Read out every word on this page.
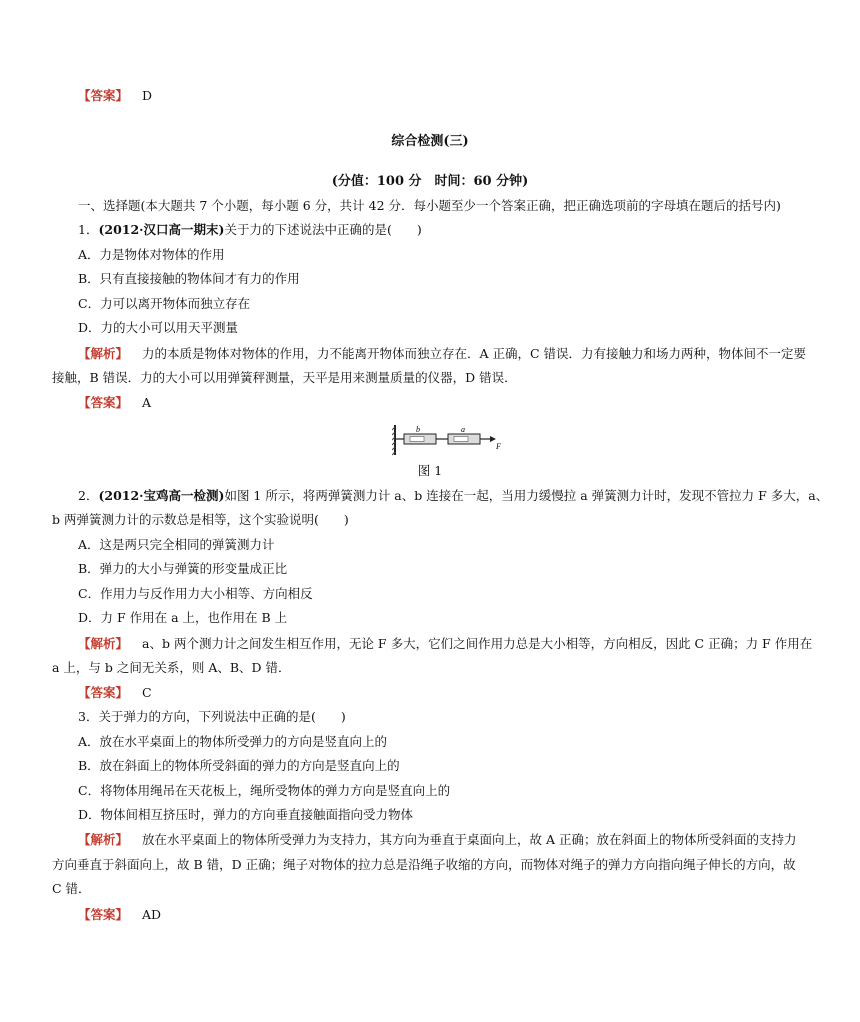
【答案】 D
综合检测(三)
(分值：100 分　时间：60 分钟)
一、选择题(本大题共 7 个小题，每小题 6 分，共计 42 分．每小题至少一个答案正确，把正确选项前的字母填在题后的括号内)
1．(2012·汉口高一期末)关于力的下述说法中正确的是(　　)
A．力是物体对物体的作用
B．只有直接接触的物体间才有力的作用
C．力可以离开物体而独立存在
D．力的大小可以用天平测量
【解析】 力的本质是物体对物体的作用，力不能离开物体而独立存在．A 正确，C 错误．力有接触力和场力两种，物体间不一定要
接触，B 错误．力的大小可以用弹簧秤测量，天平是用来测量质量的仪器，D 错误．
【答案】 A
b	a
F
图 1
2．(2012·宝鸡高一检测)如图 1 所示，将两弹簧测力计 a、b 连接在一起，当用力缓慢拉 a 弹簧测力计时，发现不管拉力 F 多大，a、
b 两弹簧测力计的示数总是相等，这个实验说明(　　)
A．这是两只完全相同的弹簧测力计
B．弹力的大小与弹簧的形变量成正比
C．作用力与反作用力大小相等、方向相反
D．力 F 作用在 a 上，也作用在 B 上
【解析】 a、b 两个测力计之间发生相互作用，无论 F 多大，它们之间作用力总是大小相等，方向相反，因此 C 正确；力 F 作用在
a 上，与 b 之间无关系，则 A、B、D 错．
【答案】 C
3．关于弹力的方向，下列说法中正确的是(　　)
A．放在水平桌面上的物体所受弹力的方向是竖直向上的
B．放在斜面上的物体所受斜面的弹力的方向是竖直向上的
C．将物体用绳吊在天花板上，绳所受物体的弹力方向是竖直向上的
D．物体间相互挤压时，弹力的方向垂直接触面指向受力物体
【解析】 放在水平桌面上的物体所受弹力为支持力，其方向为垂直于桌面向上，故 A 正确；放在斜面上的物体所受斜面的支持力
方向垂直于斜面向上，故 B 错，D 正确；绳子对物体的拉力总是沿绳子收缩的方向，而物体对绳子的弹力方向指向绳子伸长的方向，故
C 错．
【答案】 AD
